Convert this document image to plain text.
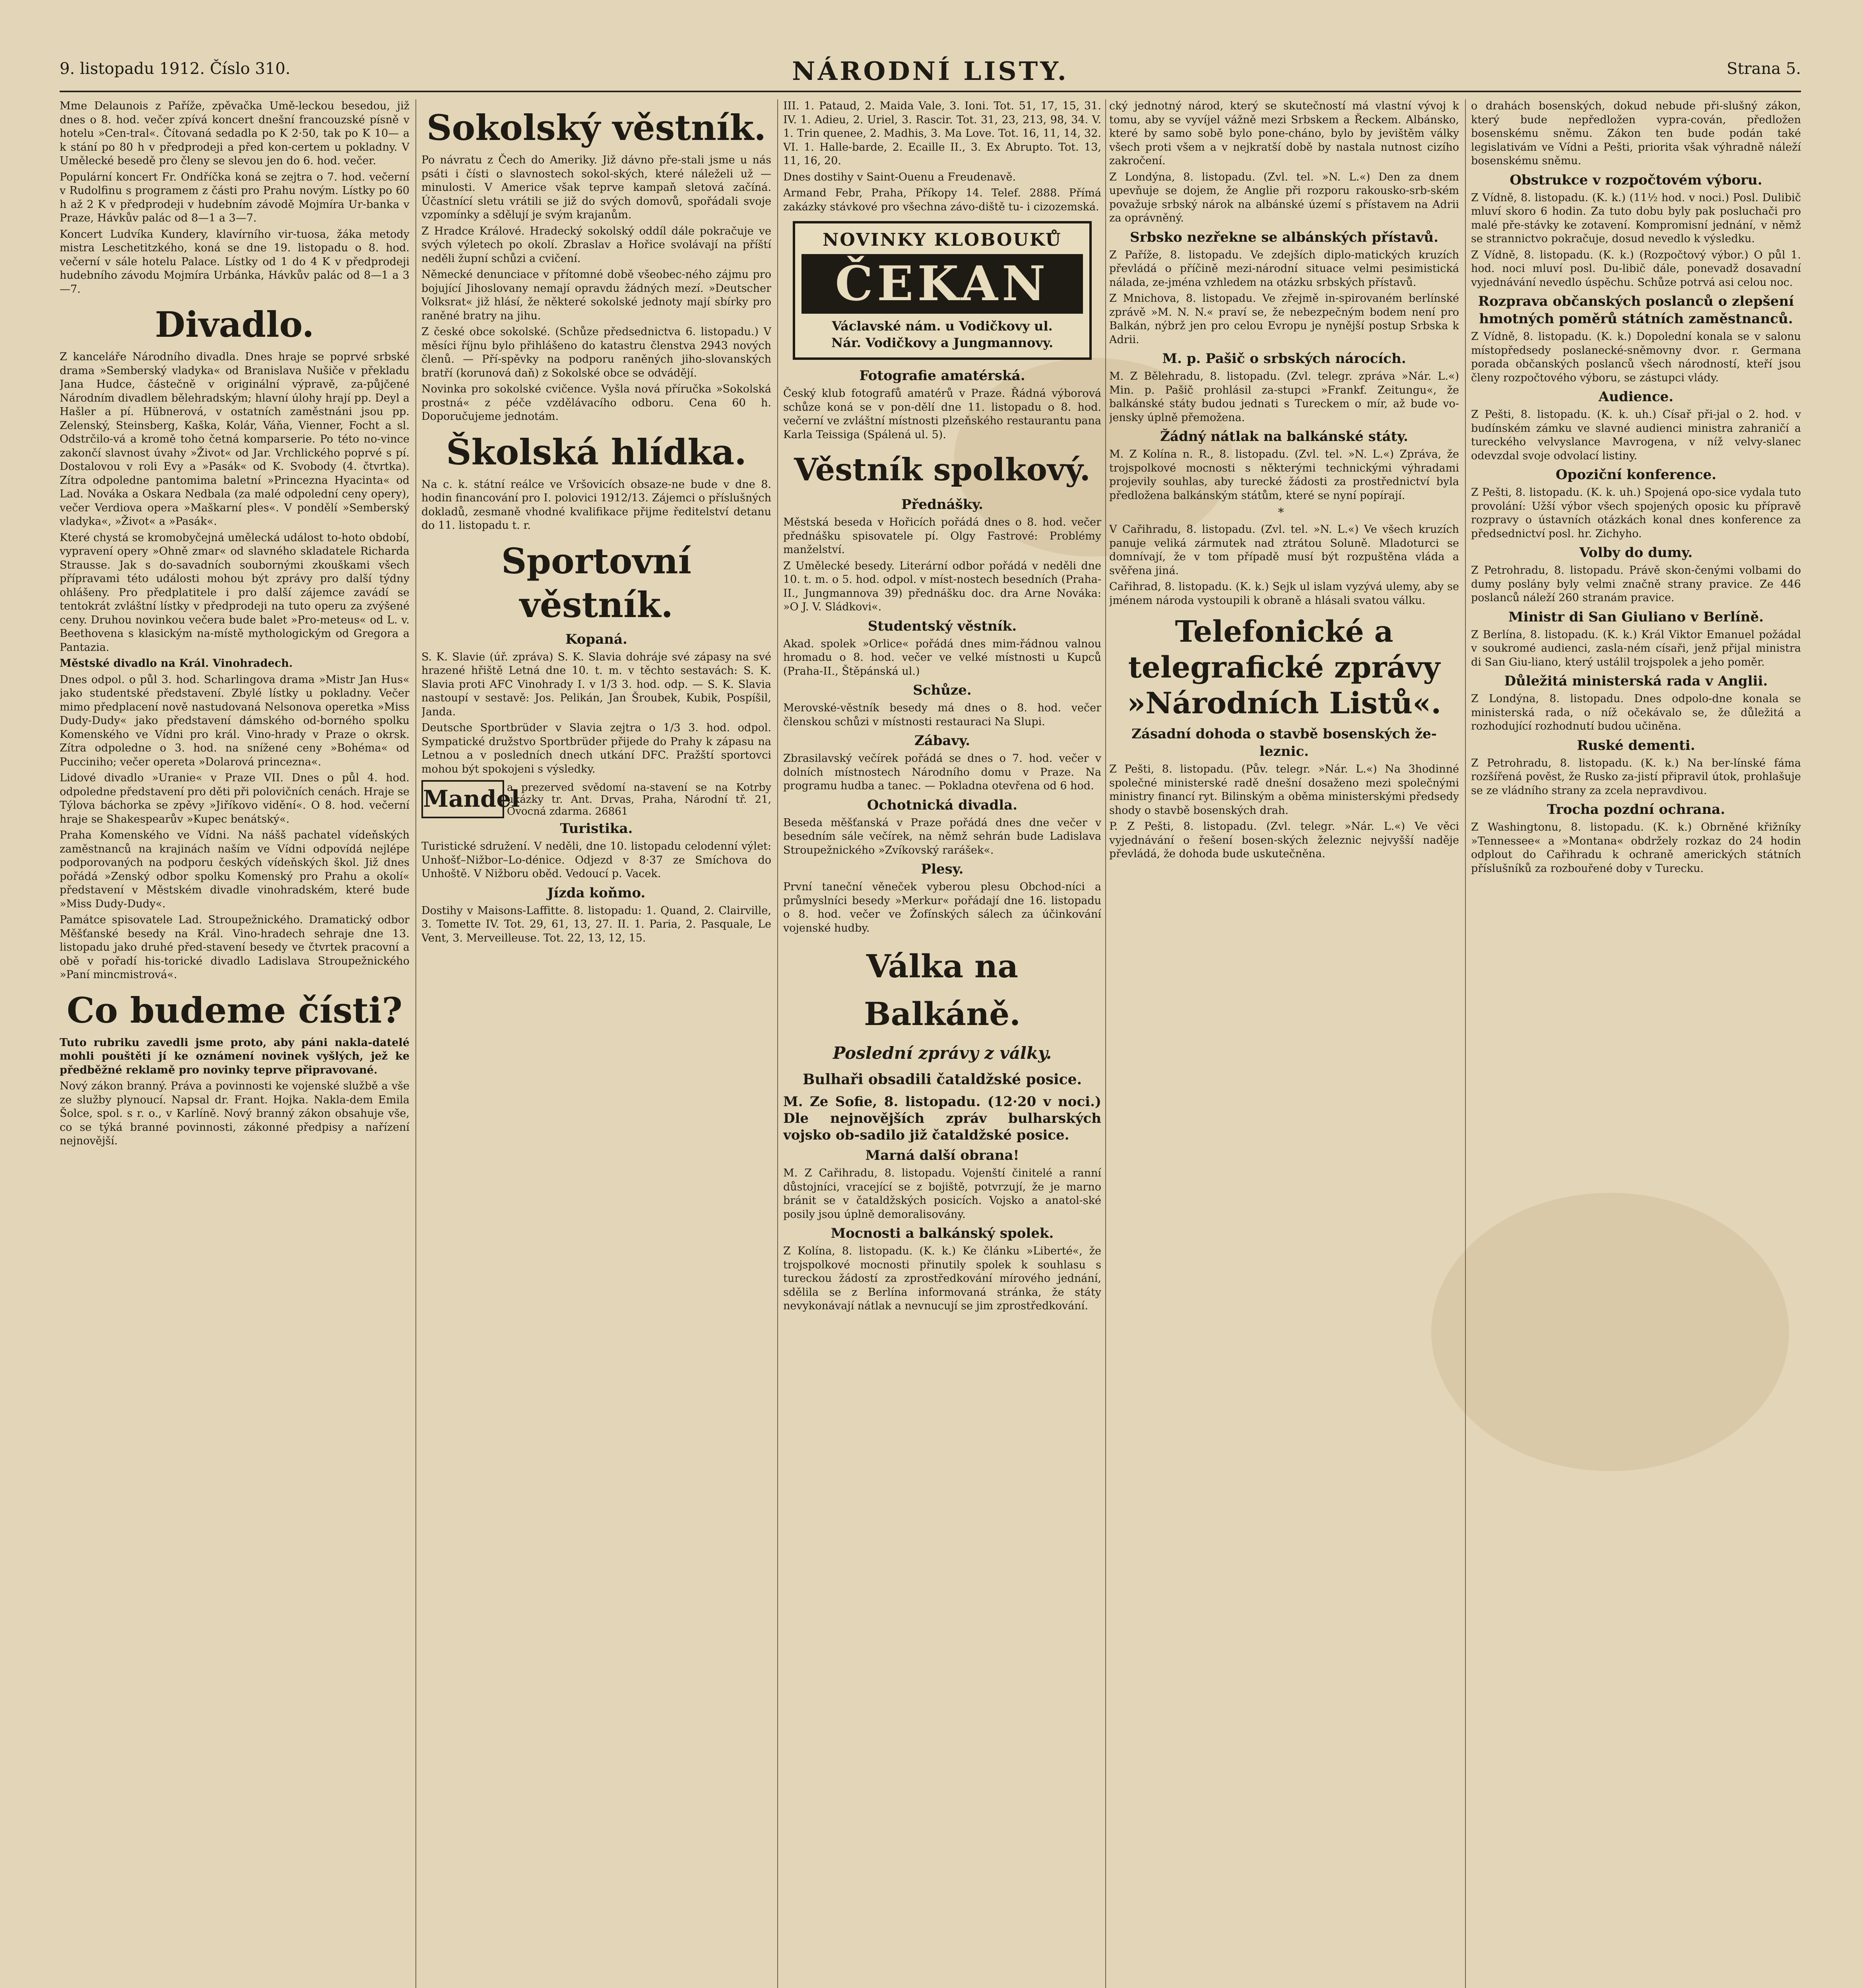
9. listopadu 1912. Číslo 310.	NÁRODNÍ LISTY.	Strana 5.

Mme Delaunois z Paříže, zpěvačka Umě-leckou besedou, již dnes o 8. hod. večer zpívá koncert dnešní francouzské písně v hotelu »Cen-tral«. Čítovaná sedadla po K 2·50, tak po K 10— a k stání po 80 h v předprodeji a před kon-certem u pokladny. V Umělecké besedě pro členy se slevou jen do 6. hod. večer.

Populární koncert Fr. Ondříčka koná se zejtra o 7. hod. večerní v Rudolfinu s programem z části pro Prahu novým. Lístky po 60 h až 2 K v předprodeji v hudebním závodě Mojmíra Ur-banka v Praze, Hávkův palác od 8—1 a 3—7.

Koncert Ludvíka Kundery, klavírního vir-tuosa, žáka metody mistra Leschetitzkého, koná se dne 19. listopadu o 8. hod. večerní v sále hotelu Palace. Lístky od 1 do 4 K v předprodeji hudebního závodu Mojmíra Urbánka, Hávkův palác od 8—1 a 3—7.

Divadlo.

Z kanceláře Národního divadla. Dnes hraje se poprvé srbské drama »Semberský vladyka« od Branislava Nušiče v překladu Jana Hudce, částečně v originální výpravě, za-půjčené Národním divadlem bělehradským; hlavní úlohy hrají pp. Deyl a Hašler a pí. Hübnerová, v ostatních zaměstnáni jsou pp. Zelenský, Steinsberg, Kaška, Kolár, Váňa, Vienner, Focht a sl. Odstrčilo-vá a kromě toho četná komparserie. Po této no-vince zakončí slavnost úvahy »Život« od Jar. Vrchlického poprvé s pí. Dostalovou v roli Evy a »Pasák« od K. Svobody (4. čtvrtka). Zítra odpoledne pantomima baletní »Princezna Hyacinta« od Lad. Nováka a Oskara Nedbala (za malé odpolední ceny opery), večer Verdiova opera »Maškarní ples«. V pondělí »Semberský vladyka«, »Život« a »Pasák«.

Které chystá se kromobyčejná umělecká událost to-hoto období, vypravení opery »Ohně zmar« od slavného skladatele Richarda Strausse. Jak s do-savadních soubornými zkouškami všech přípravami této události mohou být zprávy pro další týdny ohlášeny. Pro předplatitele i pro další zájemce zavádí se tentokrát zvláštní lístky v předprodeji na tuto operu za zvýšené ceny. Druhou novinkou večera bude balet »Pro-meteus« od L. v. Beethovena s klasickým na-místě mythologickým od Gregora a Pantazia.

Městské divadlo na Král. Vinohradech.

Dnes odpol. o půl 3. hod. Scharlingova drama »Mistr Jan Hus« jako studentské představení. Zbylé lístky u pokladny. Večer mimo předplacení nově nastudovaná Nelsonova operetka »Miss Dudy-Dudy« jako představení dámského od-borného spolku Komenského ve Vídni pro král. Vino-hrady v Praze o okrsk. Zítra odpoledne o 3. hod. na snížené ceny »Bohéma« od Pucciniho; večer opereta »Dolarová princezna«.

Lidové divadlo »Uranie« v Praze VII. Dnes o půl 4. hod. odpoledne představení pro děti při polovičních cenách. Hraje se Týlova báchorka se zpěvy »Jiříkovo vidění«. O 8. hod. večerní hraje se Shakespearův »Kupec benátský«.

Praha Komenského ve Vídni. Na nášš pachatel vídeňských zaměstnanců na krajinách naším ve Vídni odpovídá nejlépe podporovaných na podporu českých vídeňských škol. Již dnes pořádá »Zenský odbor spolku Komenský pro Prahu a okolí« představení v Městském divadle vinohradském, které bude »Miss Dudy-Dudy«.

Památce spisovatele Lad. Stroupežnického. Dramatický odbor Měšťanské besedy na Král. Vino-hradech sehraje dne 13. listopadu jako druhé před-stavení besedy ve čtvrtek pracovní a obě v pořadí his-torické divadlo Ladislava Stroupežnického »Paní mincmistrová«.

Co budeme čísti?

Tuto rubriku zavedli jsme proto, aby páni nakla-datelé mohli pouštěti jí ke oznámení novinek vyšlých, jež ke předběžné reklamě pro novinky teprve připravované.

Nový zákon branný. Práva a povinnosti ke vojenské službě a vše ze služby plynoucí. Napsal dr. Frant. Hojka. Nakla-dem Emila Šolce, spol. s r. o., v Karlíně. Nový branný zákon obsahuje vše, co se týká branné povinnosti, zákonné předpisy a nařízení nejnovější.

Sokolský věstník.

Po návratu z Čech do Ameriky. Již dávno pře-stali jsme u nás psáti i čísti o slavnostech sokol-ských, které náleželi už — minulosti. V Americe však teprve kampaň sletová začíná. Účastnící sletu vrátili se již do svých domovů, spořádali svoje vzpomínky a sdělují je svým krajanům.

Z Hradce Králové. Hradecký sokolský oddíl dále pokračuje ve svých výletech po okolí. Zbraslav a Hořice svolávají na příští neděli župní schůzi a cvičení.

Německé denunciace v přítomné době všeobec-ného zájmu pro bojující Jihoslovany nemají opravdu žádných mezí. »Deutscher Volksrat« již hlásí, že některé sokolské jednoty mají sbírky pro raněné bratry na jihu.

Z české obce sokolské. (Schůze předsednictva 6. listopadu.) V měsíci říjnu bylo přihlášeno do katastru členstva 2943 nových členů. — Pří-spěvky na podporu raněných jiho-slovanských bratří (korunová daň) z Sokolské obce se odvádějí.

Novinka pro sokolské cvičence. Vyšla nová příručka »Sokolská prostná« z péče vzdělávacího odboru. Cena 60 h. Doporučujeme jednotám.

Školská hlídka.

Na c. k. státní reálce ve Vršovicích obsaze-ne bude v dne 8. hodin financování pro I. polovici 1912/13. Zájemci o příslušných dokladů, zesmaně vhodné kvalifikace přijme ředitelství detanu do 11. listopadu t. r.

Sportovní věstník.
Kopaná.

S. K. Slavie (úř. zpráva) S. K. Slavia dohráje své zápasy na své hrazené hřiště Letná dne 10. t. m. v těchto sestavách: S. K. Slavia proti AFC Vinohrady I. v 1/3 3. hod. odp. — S. K. Slavia nastoupí v sestavě: Jos. Pelikán, Jan Šroubek, Kubik, Pospíšil, Janda.

Deutsche Sportbrüder v Slavia zejtra o 1/3 3. hod. odpol. Sympatické družstvo Sportbrüder přijede do Prahy k zápasu na Letnou a v posledních dnech utkání DFC. Pražští sportovci mohou být spokojeni s výsledky.

Mandel
a prezerved svědomí na-stavení se na Kotrby ukázky tr. Ant. Drvas, Praha, Národní tř. 21, Ovocná zdarma. 26861
Turistika.

Turistické sdružení. V neděli, dne 10. listopadu celodenní výlet: Unhošť–Nižbor–Lo-dénice. Odjezd v 8·37 ze Smíchova do Unhoště. V Nižboru oběd. Vedoucí p. Vacek.

Jízda koňmo.

Dostihy v Maisons-Laffitte. 8. listopadu: 1. Quand, 2. Clairville, 3. Tomette IV. Tot. 29, 61, 13, 27. II. 1. Paria, 2. Pasquale, Le Vent, 3. Merveilleuse. Tot. 22, 13, 12, 15.

III. 1. Pataud, 2. Maida Vale, 3. Ioni. Tot. 51, 17, 15, 31. IV. 1. Adieu, 2. Uriel, 3. Rascir. Tot. 31, 23, 213, 98, 34. V. 1. Trin quenee, 2. Madhis, 3. Ma Love. Tot. 16, 11, 14, 32. VI. 1. Halle-barde, 2. Ecaille II., 3. Ex Abrupto. Tot. 13, 11, 16, 20.

Dnes dostihy v Saint-Ouenu a Freudenavě.

Armand Febr, Praha, Příkopy 14. Telef. 2888. Přímá zakázky stávkové pro všechna závo-diště tu- i cizozemská.

NOVINKY KLOBOUKŮ
ČEKAN
Václavské nám. u Vodičkovy ul.
Nár. Vodičkovy a Jungmannovy.
Fotografie amatérská.

Český klub fotografů amatérů v Praze. Řádná výborová schůze koná se v pon-dělí dne 11. listopadu o 8. hod. večerní ve zvláštní místnosti plzeňského restaurantu pana Karla Teissiga (Spálená ul. 5).

Věstník spolkový.
Přednášky.

Městská beseda v Hořicích pořádá dnes o 8. hod. večer přednášku spisovatele pí. Olgy Fastrové: Problémy manželství.

Z Umělecké besedy. Literární odbor pořádá v neděli dne 10. t. m. o 5. hod. odpol. v míst-nostech besedních (Praha-II., Jungmannova 39) přednášku doc. dra Arne Nováka: »O J. V. Sládkovi«.

Studentský věstník.

Akad. spolek »Orlice« pořádá dnes mim-řádnou valnou hromadu o 8. hod. večer ve velké místnosti u Kupců (Praha-II., Štěpánská ul.)

Schůze.

Merovské-věstník besedy má dnes o 8. hod. večer členskou schůzi v místnosti restauraci Na Slupi.

Zábavy.

Zbrasilavský večírek pořádá se dnes o 7. hod. večer v dolních místnostech Národního domu v Praze. Na programu hudba a tanec. — Pokladna otevřena od 6 hod.

Ochotnická divadla.

Beseda měšťanská v Praze pořádá dnes dne večer v besedním sále večírek, na němž sehrán bude Ladislava Stroupežnického »Zvíkovský rarášek«.

Plesy.

První taneční věneček vyberou plesu Obchod-níci a průmyslníci besedy »Merkur« pořádají dne 16. listopadu o 8. hod. večer ve Žofínských sálech za účinkování vojenské hudby.

Válka na Balkáně.
Poslední zprávy z války.
Bulhaři obsadili čataldžské posice.

M. Ze Sofie, 8. listopadu. (12·20 v noci.) Dle nejnovějších zpráv bulharských vojsko ob-sadilo již čataldžské posice.

Marná další obrana!

M. Z Cařihradu, 8. listopadu. Vojenští činitelé a ranní důstojníci, vracející se z bojiště, potvrzují, že je marno bránit se v čataldžských posicích. Vojsko a anatol-ské posily jsou úplně demoralisovány.

Mocnosti a balkánský spolek.

Z Kolína, 8. listopadu. (K. k.) Ke článku »Liberté«, že trojspolkové mocnosti přinutily spolek k souhlasu s tureckou žádostí za zprostředkování mírového jednání, sdělila se z Berlína informovaná stránka, že státy nevykonávají nátlak a nevnucují se jim zprostředkování.

cký jednotný národ, který se skutečností má vlastní vývoj k tomu, aby se vyvíjel vážně mezi Srbskem a Řeckem. Albánsko, které by samo sobě bylo pone-cháno, bylo by jevištěm války všech proti všem a v nejkratší době by nastala nutnost cizího zakročení.

Z Londýna, 8. listopadu. (Zvl. tel. »N. L.«) Den za dnem upevňuje se dojem, že Anglie při rozporu rakousko-srb-ském považuje srbský nárok na albánské území s přístavem na Adrii za oprávněný.

Srbsko nezřekne se albánských přístavů.

Z Paříže, 8. listopadu. Ve zdejších diplo-matických kruzích převládá o příčině mezi-národní situace velmi pesimistická nálada, ze-jména vzhledem na otázku srbských přístavů.

Z Mnichova, 8. listopadu. Ve zřejmě in-spirovaném berlínské zprávě »M. N. N.« praví se, že nebezpečným bodem není pro Balkán, nýbrž jen pro celou Evropu je nynější postup Srbska k Adrii.

M. p. Pašič o srbských nárocích.

M. Z Bělehradu, 8. listopadu. (Zvl. telegr. zpráva »Nár. L.«) Min. p. Pašič prohlásil za-stupci »Frankf. Zeitungu«, že balkánské státy budou jednati s Tureckem o mír, až bude vo-jensky úplně přemožena.

Žádný nátlak na balkánské státy.

M. Z Kolína n. R., 8. listopadu. (Zvl. tel. »N. L.«) Zpráva, že trojspolkové mocnosti s některými technickými výhradami projevily souhlas, aby turecké žádosti za prostřednictví byla předložena balkánským státům, které se nyní popírají.

*

V Cařihradu, 8. listopadu. (Zvl. tel. »N. L.«) Ve všech kruzích panuje veliká zármutek nad ztrátou Soluně. Mladoturci se domnívají, že v tom případě musí být rozpuštěna vláda a svěřena jiná.

Cařihrad, 8. listopadu. (K. k.) Sejk ul islam vyzývá ulemy, aby se jménem národa vystoupili k obraně a hlásali svatou válku.

Telefonické a telegrafické zprávy »Národních Listů«.
Zásadní dohoda o stavbě bosenských že-leznic.

Z Pešti, 8. listopadu. (Pův. telegr. »Nár. L.«) Na 3hodinné společné ministerské radě dnešní dosaženo mezi společnými ministry financí ryt. Bilinským a oběma ministerskými předsedy shody o stavbě bosenských drah.

P. Z Pešti, 8. listopadu. (Zvl. telegr. »Nár. L.«) Ve věci vyjednávání o řešení bosen-ských železnic nejvyšší naděje převládá, že dohoda bude uskutečněna.

o drahách bosenských, dokud nebude při-slušný zákon, který bude nepředložen vypra-cován, předložen bosenskému sněmu. Zákon ten bude podán také legislativám ve Vídni a Pešti, priorita však výhradně náleží bosenskému sněmu.

Obstrukce v rozpočtovém výboru.

Z Vídně, 8. listopadu. (K. k.) (11½ hod. v noci.) Posl. Dulibič mluví skoro 6 hodin. Za tuto dobu byly pak posluchači pro malé pře-stávky ke zotavení. Kompromisní jednání, v němž se strannictvo pokračuje, dosud nevedlo k výsledku.

Z Vídně, 8. listopadu. (K. k.) (Rozpočtový výbor.) O půl 1. hod. noci mluví posl. Du-libič dále, ponevadž dosavadní vyjednávání nevedlo úspěchu. Schůze potrvá asi celou noc.

Rozprava občanských poslanců o zlepšení hmotných poměrů státních zaměstnanců.

Z Vídně, 8. listopadu. (K. k.) Dopolední konala se v salonu místopředsedy poslanecké-sněmovny dvor. r. Germana porada občanských poslanců všech národností, kteří jsou členy rozpočtového výboru, se zástupci vlády.

Audience.

Z Pešti, 8. listopadu. (K. k. uh.) Císař při-jal o 2. hod. v budínském zámku ve slavné audienci ministra zahraničí a tureckého velvyslance Mavrogena, v níž velvy-slanec odevzdal svoje odvolací listiny.

Opoziční konference.

Z Pešti, 8. listopadu. (K. k. uh.) Spojená opo-sice vydala tuto provolání: Užší výbor všech spojených oposic ku přípravě rozpravy o ústavních otázkách konal dnes konference za předsednictví posl. hr. Zichyho.

Volby do dumy.

Z Petrohradu, 8. listopadu. Právě skon-čenými volbami do dumy poslány byly velmi značně strany pravice. Ze 446 poslanců náleží 260 stranám pravice.

Ministr di San Giuliano v Berlíně.

Z Berlína, 8. listopadu. (K. k.) Král Viktor Emanuel požádal v soukromé audienci, zasla-ném císaři, jenž přijal ministra di San Giu-liano, který ustálil trojspolek a jeho poměr.

Důležitá ministerská rada v Anglii.

Z Londýna, 8. listopadu. Dnes odpolo-dne konala se ministerská rada, o níž očekávalo se, že důležitá a rozhodující rozhodnutí budou učiněna.

Ruské dementi.

Z Petrohradu, 8. listopadu. (K. k.) Na ber-línské fáma rozšířená pověst, že Rusko za-jistí připravil útok, prohlašuje se ze vládního strany za zcela nepravdivou.

Trocha pozdní ochrana.

Z Washingtonu, 8. listopadu. (K. k.) Obrněné křižníky »Tennessee« a »Montana« obdržely rozkaz do 24 hodin odplout do Cařihradu k ochraně amerických státních příslušníků za rozbouřené doby v Turecku.
